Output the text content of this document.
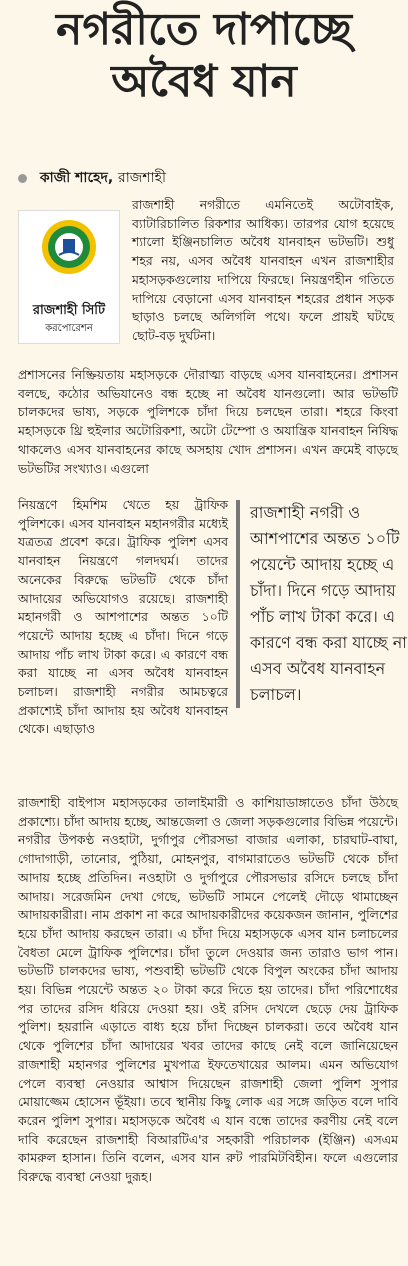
নগরীতে দাপাচ্ছে
অবৈধ যান
কাজী শাহেদ, রাজশাহী
রাজশাহী সিটি
করপোরেশন

রাজশাহী নগরীতে এমনিতেই অটোবাইক, ব্যাটারিচালিত রিকশার আধিক্য। তারপর যোগ হয়েছে শ্যালো ইঞ্জিনচালিত অবৈধ যানবাহন ভটভটি। শুধু শহর নয়, এসব অবৈধ যানবাহন এখন রাজশাহীর মহাসড়কগুলোয় দাপিয়ে ফিরছে। নিয়ন্ত্রণহীন গতিতে দাপিয়ে বেড়ানো এসব যানবাহন শহরের প্রধান সড়ক ছাড়াও চলছে অলিগলি পথে। ফলে প্রায়ই ঘটছে ছোট-বড় দুর্ঘটনা।

প্রশাসনের নিষ্ক্রিয়তায় মহাসড়কে দৌরাত্ম্য বাড়ছে এসব যানবাহনের। প্রশাসন বলছে, কঠোর অভিযানেও বন্ধ হচ্ছে না অবৈধ যানগুলো। আর ভটভটি চালকদের ভাষ্য, সড়কে পুলিশকে চাঁদা দিয়ে চলছেন তারা। শহরে কিংবা মহাসড়কে থ্রি হুইলার অটোরিকশা, অটো টেম্পো ও অযান্ত্রিক যানবাহন নিষিদ্ধ থাকলেও এসব যানবাহনের কাছে অসহায় খোদ প্রশাসন। এখন ক্রমেই বাড়ছে ভটভটির সংখ্যাও। এগুলো

নিয়ন্ত্রণে হিমশিম খেতে হয় ট্রাফিক পুলিশকে। এসব যানবাহন মহানগরীর মধ্যেই যত্রতত্র প্রবেশ করে। ট্রাফিক পুলিশ এসব যানবাহন নিয়ন্ত্রণে গলদঘর্ম। তাদের অনেকের বিরুদ্ধে ভটভটি থেকে চাঁদা আদায়ের অভিযোগও রয়েছে। রাজশাহী মহানগরী ও আশপাশের অন্তত ১০টি পয়েন্টে আদায় হচ্ছে এ চাঁদা। দিনে গড়ে আদায় পাঁচ লাখ টাকা করে। এ কারণে বন্ধ করা যাচ্ছে না এসব অবৈধ যানবাহন চলাচল। রাজশাহী নগরীর আমচত্বরে প্রকাশ্যেই চাঁদা আদায় হয় অবৈধ যানবাহন থেকে। এছাড়াও

রাজশাহী নগরী ও আশপাশের অন্তত ১০টি পয়েন্টে আদায় হচ্ছে এ চাঁদা। দিনে গড়ে আদায় পাঁচ লাখ টাকা করে। এ কারণে বন্ধ করা যাচ্ছে না এসব অবৈধ যানবাহন চলাচল।

রাজশাহী বাইপাস মহাসড়কের তালাইমারী ও কাশিয়াডাঙ্গাতেও চাঁদা উঠছে প্রকাশ্যে। চাঁদা আদায় হচ্ছে, আন্তজেলা ও জেলা সড়কগুলোর বিভিন্ন পয়েন্টে। নগরীর উপকণ্ঠ নওহাটা, দুর্গাপুর পৌরসভা বাজার এলাকা, চারঘাট-বাঘা, গোদাগাড়ী, তানোর, পুঠিয়া, মোহনপুর, বাগমারাতেও ভটভটি থেকে চাঁদা আদায় হচ্ছে প্রতিদিন। নওহাটা ও দুর্গাপুরে পৌরসভার রসিদে চলছে চাঁদা আদায়। সরেজমিন দেখা গেছে, ভটভটি সামনে পেলেই দৌড়ে থামাচ্ছেন আদায়কারীরা। নাম প্রকাশ না করে আদায়কারীদের কয়েকজন জানান, পুলিশের হয়ে চাঁদা আদায় করছেন তারা। এ চাঁদা দিয়ে মহাসড়কে এসব যান চলাচলের বৈধতা মেলে ট্রাফিক পুলিশের। চাঁদা তুলে দেওয়ার জন্য তারাও ভাগ পান। ভটভটি চালকদের ভাষ্য, পশুবাহী ভটভটি থেকে বিপুল অংকের চাঁদা আদায় হয়। বিভিন্ন পয়েন্টে অন্তত ২০ টাকা করে দিতে হয় তাদের। চাঁদা পরিশোধের পর তাদের রসিদ ধরিয়ে দেওয়া হয়। ওই রসিদ দেখলে ছেড়ে দেয় ট্রাফিক পুলিশ। হয়রানি এড়াতে বাধ্য হয়ে চাঁদা দিচ্ছেন চালকরা। তবে অবৈধ যান থেকে পুলিশের চাঁদা আদায়ের খবর তাদের কাছে নেই বলে জানিয়েছেন রাজশাহী মহানগর পুলিশের মুখপাত্র ইফতেখায়ের আলম। এমন অভিযোগ পেলে ব্যবস্থা নেওয়ার আশ্বাস দিয়েছেন রাজশাহী জেলা পুলিশ সুপার মোয়াজ্জেম হোসেন ভূঁইয়া। তবে স্থানীয় কিছু লোক এর সঙ্গে জড়িত বলে দাবি করেন পুলিশ সুপার। মহাসড়কে অবৈধ এ যান বন্ধে তাদের করণীয় নেই বলে দাবি করেছেন রাজশাহী বিআরটিএ'র সহকারী পরিচালক (ইঞ্জিন) এসএম কামরুল হাসান। তিনি বলেন, এসব যান রুট পারমিটবিহীন। ফলে এগুলোর বিরুদ্ধে ব্যবস্থা নেওয়া দুরূহ।
